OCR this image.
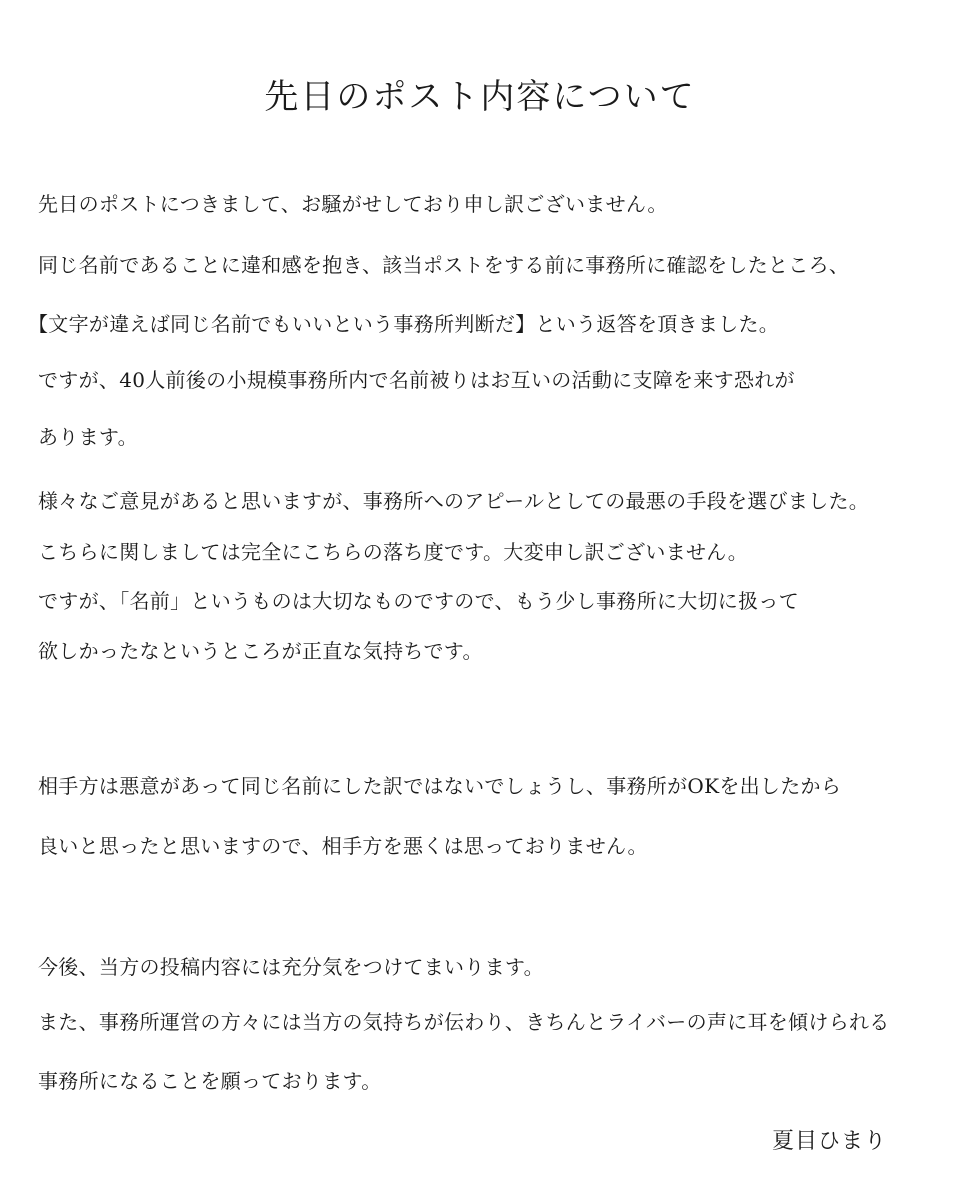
先日のポスト内容について
先日のポストにつきまして、お騒がせしており申し訳ございません。
同じ名前であることに違和感を抱き、該当ポストをする前に事務所に確認をしたところ、
【文字が違えば同じ名前でもいいという事務所判断だ】という返答を頂きました。
ですが、40人前後の小規模事務所内で名前被りはお互いの活動に支障を来す恐れが
あります。
様々なご意見があると思いますが、事務所へのアピールとしての最悪の手段を選びました。
こちらに関しましては完全にこちらの落ち度です。大変申し訳ございません。
ですが、「名前」というものは大切なものですので、もう少し事務所に大切に扱って
欲しかったなというところが正直な気持ちです。
相手方は悪意があって同じ名前にした訳ではないでしょうし、事務所がOKを出したから
良いと思ったと思いますので、相手方を悪くは思っておりません。
今後、当方の投稿内容には充分気をつけてまいります。
また、事務所運営の方々には当方の気持ちが伝わり、きちんとライバーの声に耳を傾けられる
事務所になることを願っております。
夏目ひまり
